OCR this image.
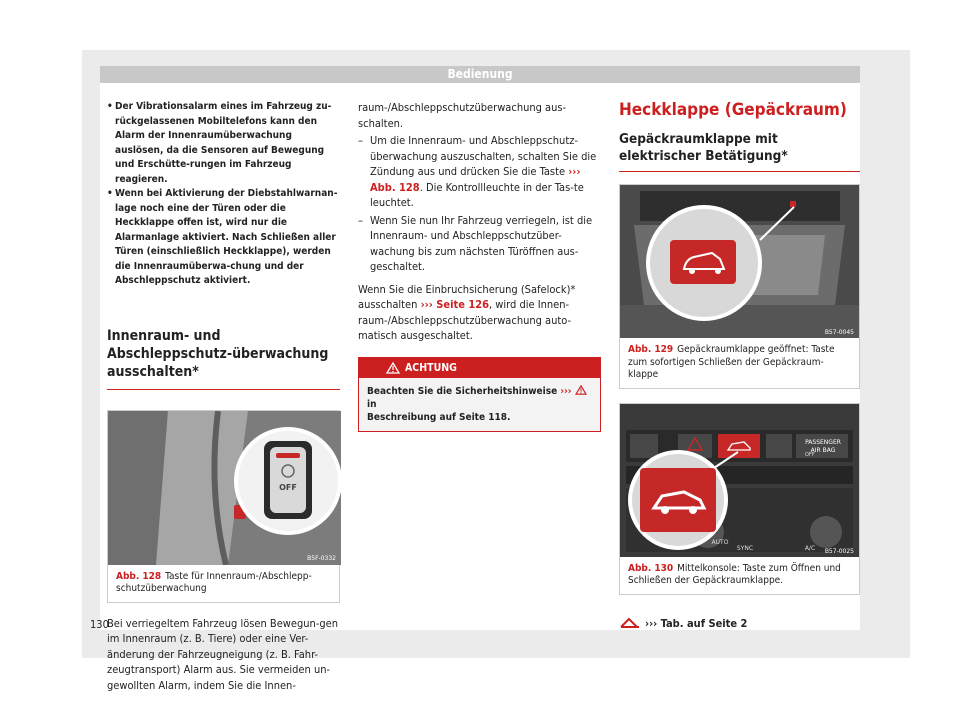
Bedienung
• Der Vibrationsalarm eines im Fahrzeug zu-rückgelassenen Mobiltelefons kann den Alarm der Innenraumüberwachung auslösen, da die Sensoren auf Bewegung und Erschütte-rungen im Fahrzeug reagieren.
• Wenn bei Aktivierung der Diebstahlwarnan-lage noch eine der Türen oder die Heckklappe offen ist, wird nur die Alarmanlage aktiviert. Nach Schließen aller Türen (einschließlich Heckklappe), werden die Innenraumüberwa-chung und der Abschleppschutz aktiviert.
Innenraum- und Abschleppschutz-überwachung ausschalten*
OFF
B5F-0332
Abb. 128 Taste für Innenraum-/Abschlepp-schutzüberwachung
Bei verriegeltem Fahrzeug lösen Bewegun-gen im Innenraum (z. B. Tiere) oder eine Ver-änderung der Fahrzeugneigung (z. B. Fahr-zeugtransport) Alarm aus. Sie vermeiden un-gewollten Alarm, indem Sie die Innen-
raum-/Abschleppschutzüberwachung aus-schalten.
– Um die Innenraum- und Abschleppschutz-überwachung auszuschalten, schalten Sie die Zündung aus und drücken Sie die Taste ››› Abb. 128. Die Kontrollleuchte in der Tas-te leuchtet.
– Wenn Sie nun Ihr Fahrzeug verriegeln, ist die Innenraum- und Abschleppschutzüber-wachung bis zum nächsten Türöffnen aus-geschaltet.
Wenn Sie die Einbruchsicherung (Safelock)* ausschalten ››› Seite 126, wird die Innen-raum-/Abschleppschutzüberwachung auto-matisch ausgeschaltet.
ACHTUNG
Beachten Sie die Sicherheitshinweise ›››  in
Beschreibung auf Seite 118.
Heckklappe (Gepäckraum)
Gepäckraumklappe mit elektrischer Betätigung*
B57-0045
Abb. 129 Gepäckraumklappe geöffnet: Taste zum sofortigen Schließen der Gepäckraum-klappe
PASSENGER
AIR BAG
OFF
SYNC
AUTO
A/C B57-0025
Abb. 130 Mittelkonsole: Taste zum Öffnen und Schließen der Gepäckraumklappe.
››› Tab. auf Seite 2
130
